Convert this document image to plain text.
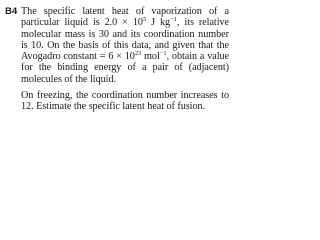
B4 The specific latent heat of vaporization of a particular liquid is $2.0 \times 10^5$ J $kg^{-1}$, its relative molecular mass is 30 and its coordination number is 10. On the basis of this data, and given that the Avogadro constant = $6 \times 10^{23}$ mol$^{-1}$, obtain a value for the binding energy of a pair of (adjacent) molecules of the liquid.
On freezing, the coordination number increases to 12. Estimate the specific latent heat of fusion.
